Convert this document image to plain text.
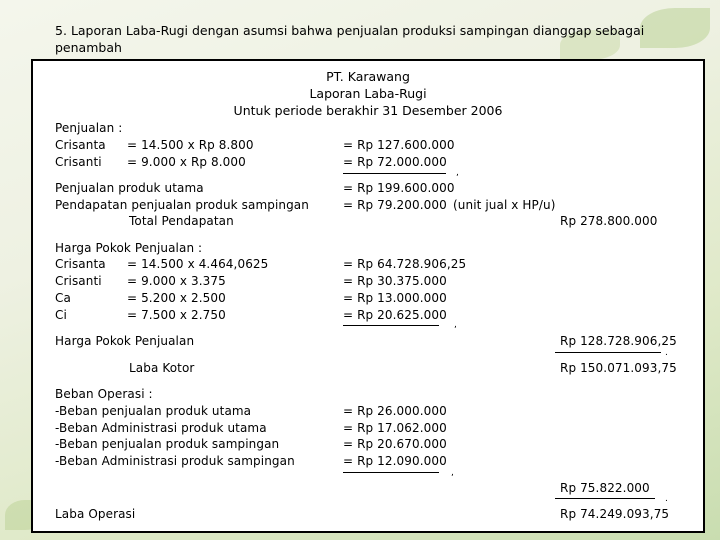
5. Laporan Laba-Rugi dengan asumsi bahwa penjualan produksi sampingan dianggap sebagai penambah
PT. Karawang
Laporan Laba-Rugi
Untuk periode berakhir 31 Desember 2006
Penjualan :
Crisanta = 14.500 x Rp 8.800	= Rp 127.600.000
Crisanti = 9.000 x Rp 8.000	= Rp 72.000.000
,
Penjualan produk utama	= Rp 199.600.000
Pendapatan penjualan produk sampingan	= Rp 79.200.000 (unit jual x HP/u)
Total Pendapatan	Rp 278.800.000
Harga Pokok Penjualan :
Crisanta = 14.500 x 4.464,0625	= Rp 64.728.906,25
Crisanti = 9.000 x 3.375	= Rp 30.375.000
Ca	= 5.200 x 2.500	= Rp 13.000.000
Ci	= 7.500 x 2.750	= Rp 20.625.000
,
Harga Pokok Penjualan	Rp 128.728.906,25
.
Laba Kotor	Rp 150.071.093,75
Beban Operasi :
-Beban penjualan produk utama	= Rp 26.000.000
-Beban Administrasi produk utama	= Rp 17.062.000
-Beban penjualan produk sampingan	= Rp 20.670.000
-Beban Administrasi produk sampingan	= Rp 12.090.000
,
Rp 75.822.000
.
Laba Operasi	Rp 74.249.093,75
